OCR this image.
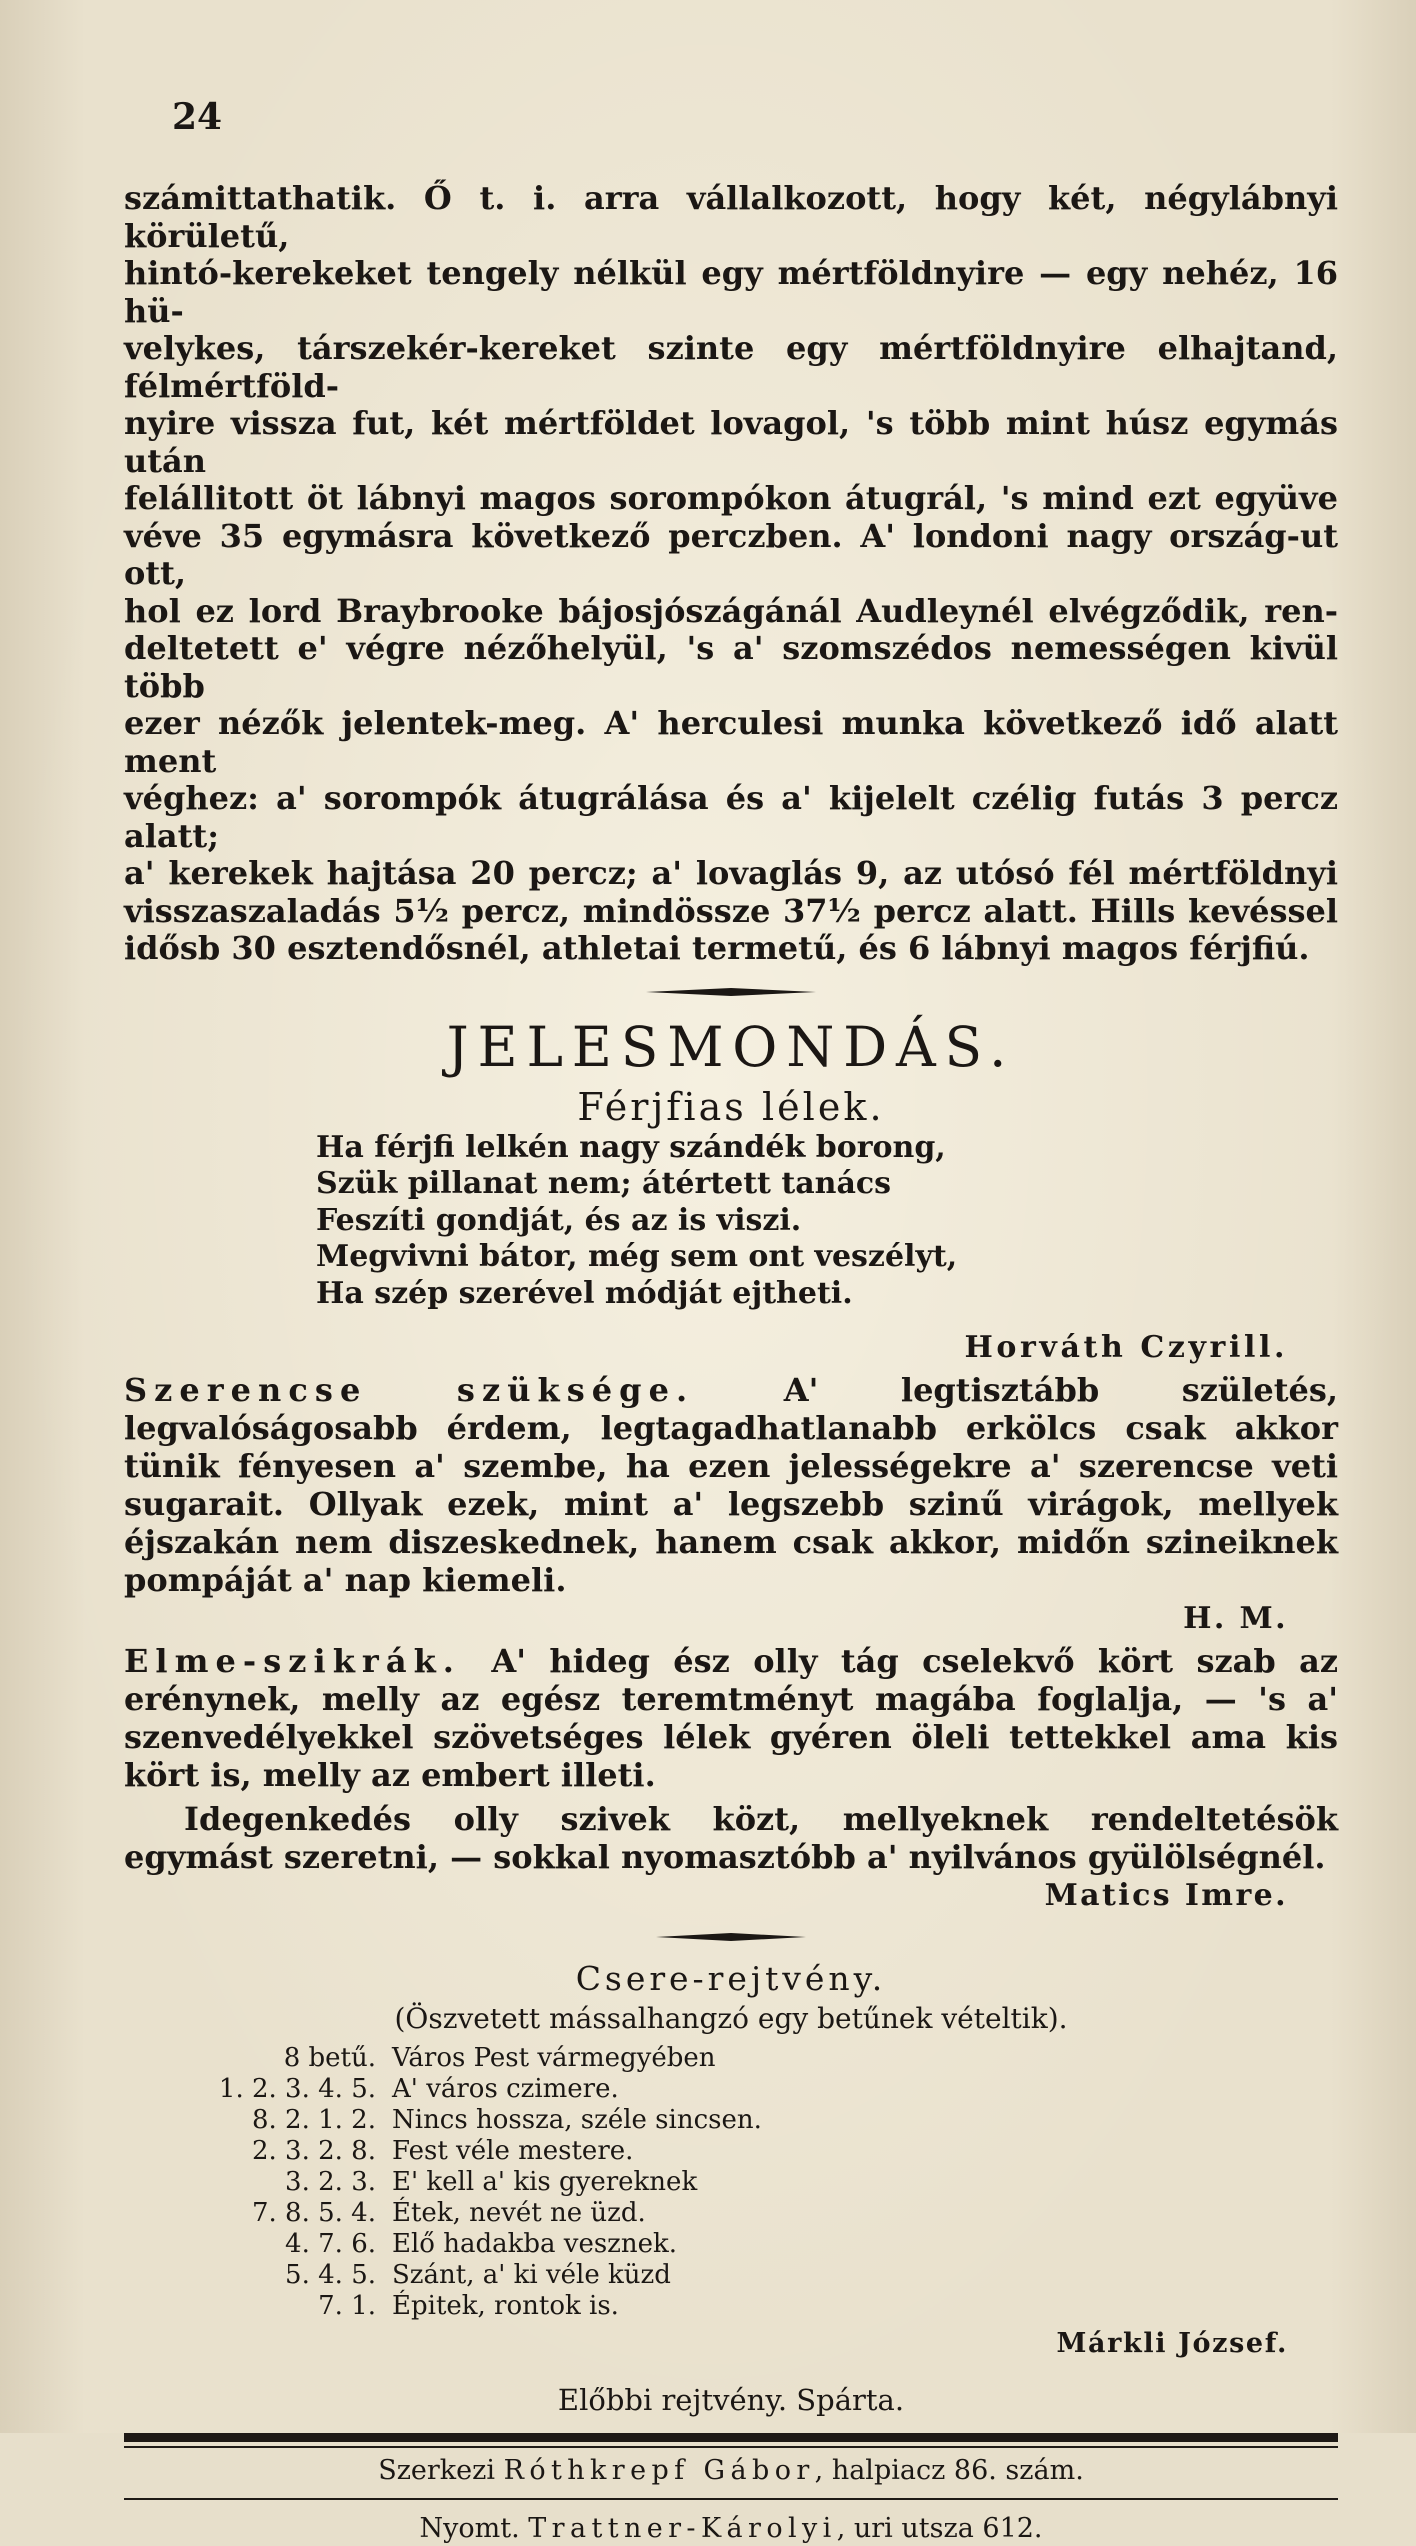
24

számittathatik. Ő t. i. arra vállalkozott, hogy két, négylábnyi körületű,

hintó-kerekeket tengely nélkül egy mértföldnyire — egy nehéz, 16 hü-

velykes, társzekér-kereket szinte egy mértföldnyire elhajtand, félmértföld-

nyire vissza fut, két mértföldet lovagol, 's több mint húsz egymás után

felállitott öt lábnyi magos sorompókon átugrál, 's mind ezt együve

véve 35 egymásra következő perczben. A' londoni nagy ország-ut ott,

hol ez lord Braybrooke bájosjószágánál Audleynél elvégződik, ren-

deltetett e' végre nézőhelyül, 's a' szomszédos nemességen kivül több

ezer nézők jelentek-meg. A' herculesi munka következő idő alatt ment

véghez: a' sorompók átugrálása és a' kijelelt czélig futás 3 percz alatt;

a' kerekek hajtása 20 percz; a' lovaglás 9, az utósó fél mértföldnyi

visszaszaladás 5½ percz, mindössze 37½ percz alatt. Hills kevéssel

idősb 30 esztendősnél, athletai termetű, és 6 lábnyi magos férjfiú.

JELESMONDÁS.
Férjfias lélek.

Ha férjfi lelkén nagy szándék borong,

Szük pillanat nem; átértett tanács

Feszíti gondját, és az is viszi.

Megvivni bátor, még sem ont veszélyt,

Ha szép szerével módját ejtheti.

Horváth Czyrill.

Szerencse szüksége. A' legtisztább születés, legvalóságosabb érdem, legtagadhatlanabb erkölcs csak akkor tünik fényesen a' szembe, ha ezen jelességekre a' szerencse veti sugarait. Ollyak ezek, mint a' legszebb szinű virágok, mellyek éjszakán nem diszeskednek, hanem csak akkor, midőn szineiknek pompáját a' nap kiemeli.

H. M.

Elme-szikrák. A' hideg ész olly tág cselekvő kört szab az erénynek, melly az egész teremtményt magába foglalja, — 's a' szenvedélyekkel szövetséges lélek gyéren öleli tettekkel ama kis kört is, melly az embert illeti.

Idegenkedés olly szivek közt, mellyeknek rendeltetésök egymást szeretni, — sokkal nyomasztóbb a' nyilvános gyülölségnél.

Matics Imre.
Csere-rejtvény.
(Öszvetett mássalhangzó egy betűnek vételtik).
8 betű. Város Pest vármegyében
1. 2. 3. 4. 5. A' város czimere.
8. 2. 1. 2. Nincs hossza, széle sincsen.
2. 3. 2. 8. Fest véle mestere.
3. 2. 3. E' kell a' kis gyereknek
7. 8. 5. 4. Étek, nevét ne üzd.
4. 7. 6. Elő hadakba vesznek.
5. 4. 5. Szánt, a' ki véle küzd
7. 1. Épitek, rontok is.
Márkli József.
Előbbi rejtvény. Spárta.
Szerkezi Róthkrepf Gábor, halpiacz 86. szám.
Nyomt. Trattner-Károlyi, uri utsza 612.
